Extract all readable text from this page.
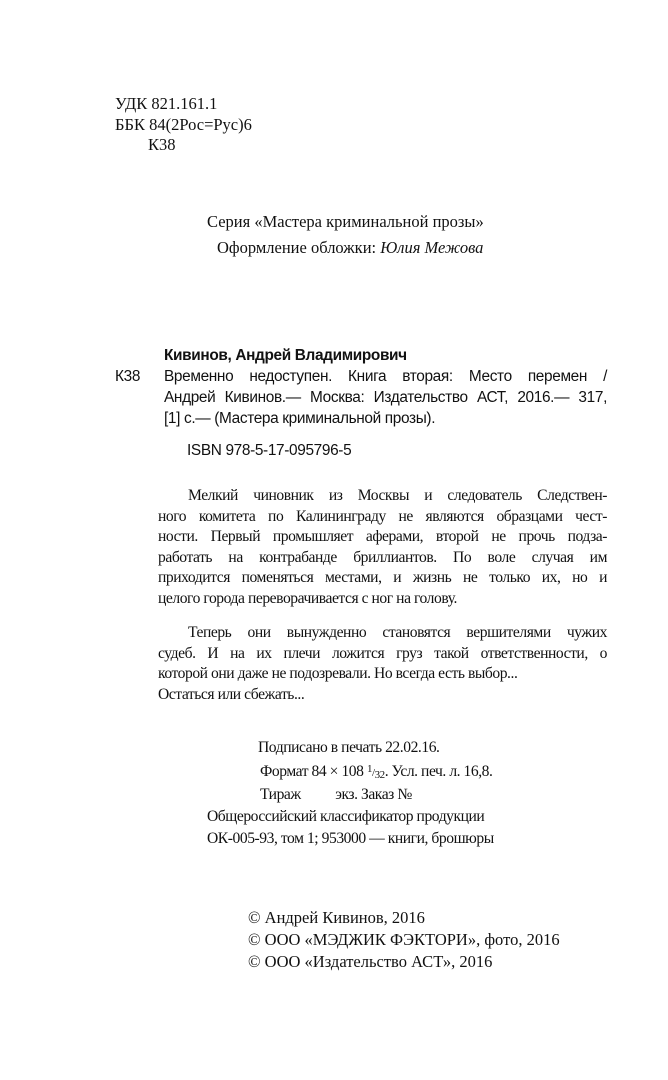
УДК 821.161.1
ББК 84(2Рос=Рус)6
К38
Серия «Мастера криминальной прозы»
Оформление обложки: Юлия Межова
Кивинов, Андрей Владимирович
К38 Временно недоступен. Книга вторая: Место перемен /
Андрей Кивинов.— Москва: Издательство АСТ, 2016.— 317,
[1] с.— (Мастера криминальной прозы).
ISBN 978-5-17-095796-5
Мелкий чиновник из Москвы и следователь Следствен-
ного комитета по Калининграду не являются образцами чест-
ности. Первый промышляет аферами, второй не прочь подза-
работать на контрабанде бриллиантов. По воле случая им
приходится поменяться местами, и жизнь не только их, но и
целого города переворачивается с ног на голову.
Теперь они вынужденно становятся вершителями чужих
судеб. И на их плечи ложится груз такой ответственности, о
которой они даже не подозревали. Но всегда есть выбор...
Остаться или сбежать...
Подписано в печать 22.02.16.
Формат 84 × 108 1/32. Усл. печ. л. 16,8.
Тираж          экз. Заказ №
Общероссийский классификатор продукции
ОК-005-93, том 1; 953000 — книги, брошюры
© Андрей Кивинов, 2016
© ООО «МЭДЖИК ФЭКТОРИ», фото, 2016
© ООО «Издательство АСТ», 2016
